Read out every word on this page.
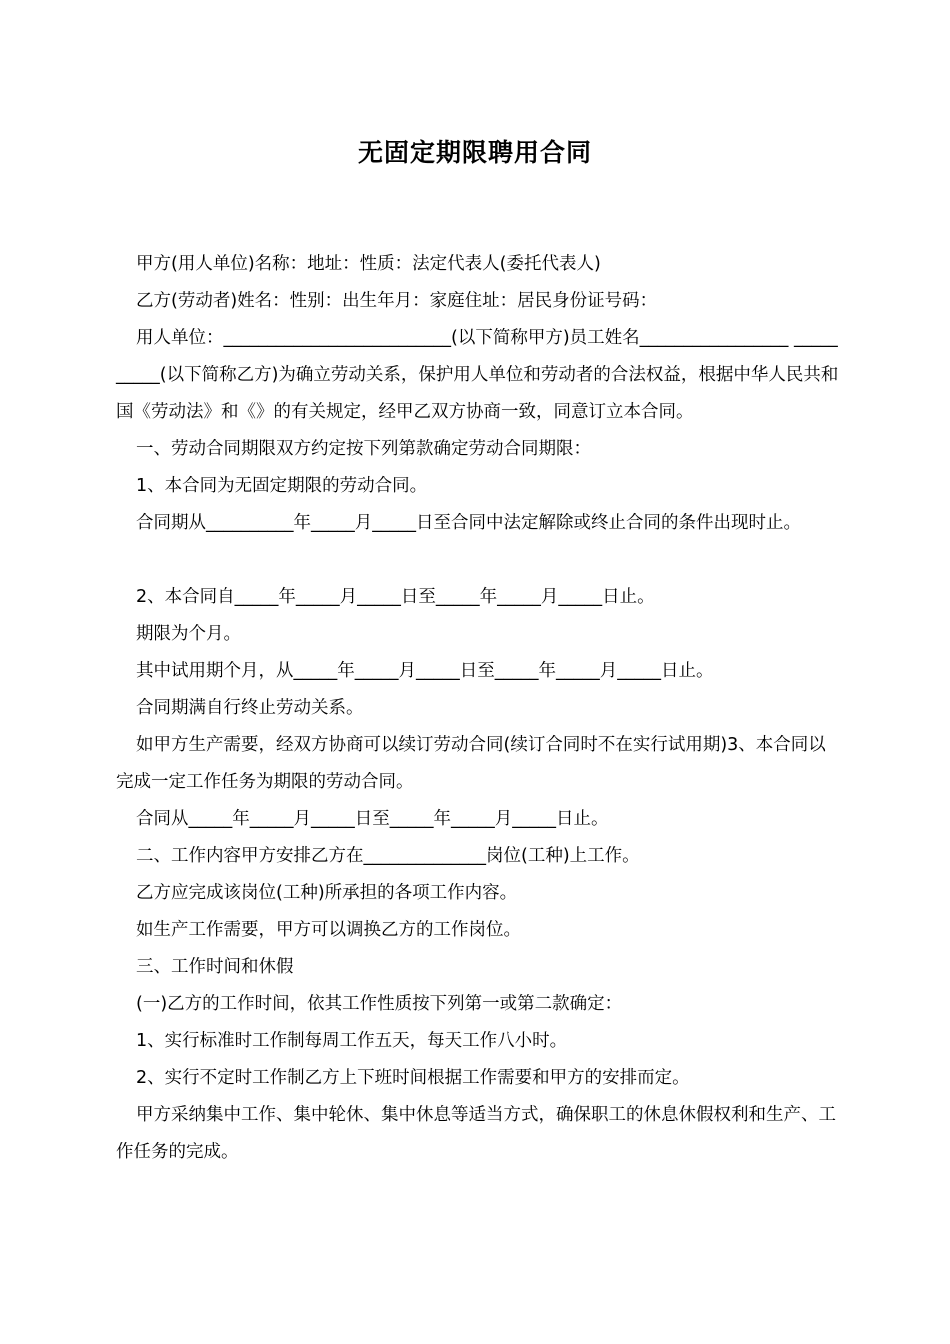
无固定期限聘用合同

甲方(用人单位)名称：地址：性质：法定代表人(委托代表人)

乙方(劳动者)姓名：性别：出生年月：家庭住址：居民身份证号码：

用人单位：__________________________(以下简称甲方)员工姓名_________________ __________(以下简称乙方)为确立劳动关系，保护用人单位和劳动者的合法权益，根据中华人民共和国《劳动法》和《》的有关规定，经甲乙双方协商一致，同意订立本合同。

一、劳动合同期限双方约定按下列第款确定劳动合同期限：

1、本合同为无固定期限的劳动合同。

合同期从__________年_____月_____日至合同中法定解除或终止合同的条件出现时止。

2、本合同自_____年_____月_____日至_____年_____月_____日止。

期限为个月。

其中试用期个月，从_____年_____月_____日至_____年_____月_____日止。

合同期满自行终止劳动关系。

如甲方生产需要，经双方协商可以续订劳动合同(续订合同时不在实行试用期)3、本合同以完成一定工作任务为期限的劳动合同。

合同从_____年_____月_____日至_____年_____月_____日止。

二、工作内容甲方安排乙方在______________岗位(工种)上工作。

乙方应完成该岗位(工种)所承担的各项工作内容。

如生产工作需要，甲方可以调换乙方的工作岗位。

三、工作时间和休假

(一)乙方的工作时间，依其工作性质按下列第一或第二款确定：

1、实行标准时工作制每周工作五天，每天工作八小时。

2、实行不定时工作制乙方上下班时间根据工作需要和甲方的安排而定。

甲方采纳集中工作、集中轮休、集中休息等适当方式，确保职工的休息休假权利和生产、工作任务的完成。
